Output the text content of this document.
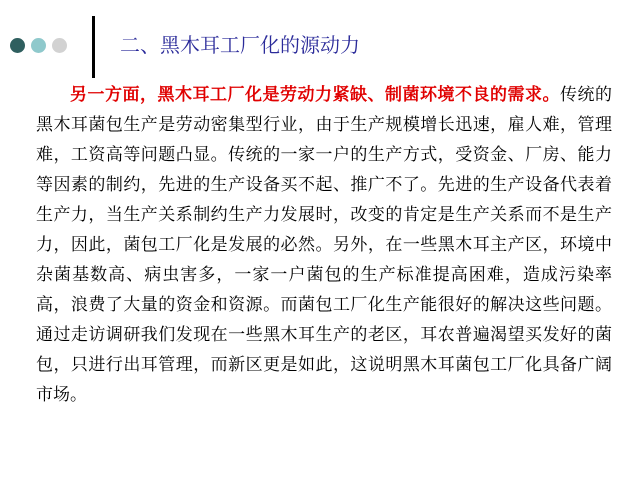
二、黑木耳工厂化的源动力

另一方面，黑木耳工厂化是劳动力紧缺、制菌环境不良的需求。传统的黑木耳菌包生产是劳动密集型行业，由于生产规模增长迅速，雇人难，管理难，工资高等问题凸显。传统的一家一户的生产方式，受资金、厂房、能力等因素的制约，先进的生产设备买不起、推广不了。先进的生产设备代表着生产力，当生产关系制约生产力发展时，改变的肯定是生产关系而不是生产力，因此，菌包工厂化是发展的必然。另外，在一些黑木耳主产区，环境中杂菌基数高、病虫害多，一家一户菌包的生产标准提高困难，造成污染率高，浪费了大量的资金和资源。而菌包工厂化生产能很好的解决这些问题。通过走访调研我们发现在一些黑木耳生产的老区，耳农普遍渴望买发好的菌包，只进行出耳管理，而新区更是如此，这说明黑木耳菌包工厂化具备广阔市场。
